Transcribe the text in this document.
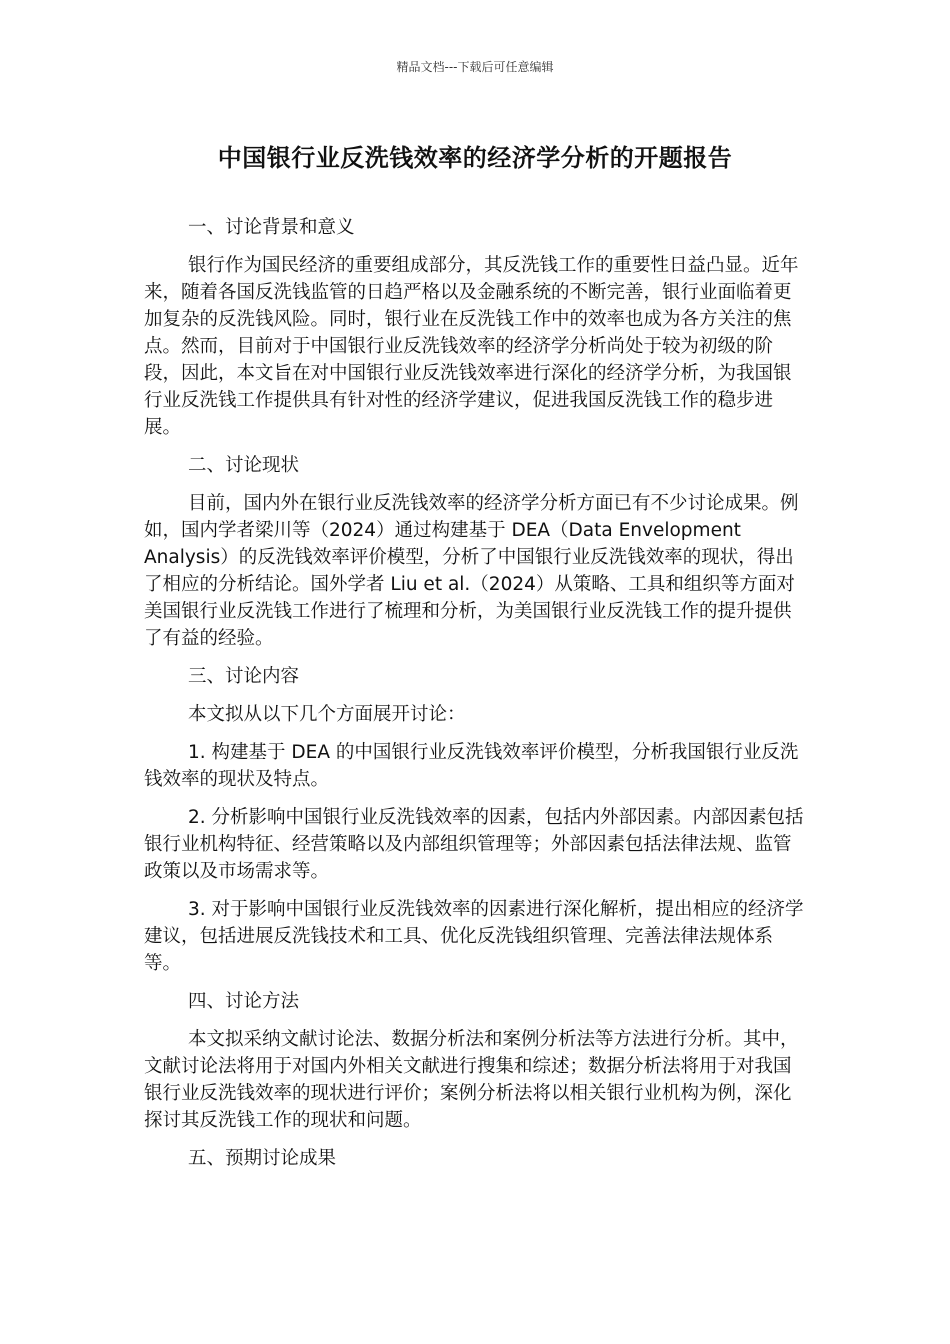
精品文档---下载后可任意编辑
中国银行业反洗钱效率的经济学分析的开题报告
一、讨论背景和意义
银行作为国民经济的重要组成部分，其反洗钱工作的重要性日益凸显。近年来，随着各国反洗钱监管的日趋严格以及金融系统的不断完善，银行业面临着更加复杂的反洗钱风险。同时，银行业在反洗钱工作中的效率也成为各方关注的焦点。然而，目前对于中国银行业反洗钱效率的经济学分析尚处于较为初级的阶段，因此，本文旨在对中国银行业反洗钱效率进行深化的经济学分析，为我国银行业反洗钱工作提供具有针对性的经济学建议，促进我国反洗钱工作的稳步进展。
二、讨论现状
目前，国内外在银行业反洗钱效率的经济学分析方面已有不少讨论成果。例如，国内学者梁川等（2024）通过构建基于 DEA（Data Envelopment Analysis）的反洗钱效率评价模型，分析了中国银行业反洗钱效率的现状，得出了相应的分析结论。国外学者 Liu et al.（2024）从策略、工具和组织等方面对美国银行业反洗钱工作进行了梳理和分析，为美国银行业反洗钱工作的提升提供了有益的经验。
三、讨论内容
本文拟从以下几个方面展开讨论：
1. 构建基于 DEA 的中国银行业反洗钱效率评价模型，分析我国银行业反洗钱效率的现状及特点。
2. 分析影响中国银行业反洗钱效率的因素，包括内外部因素。内部因素包括银行业机构特征、经营策略以及内部组织管理等；外部因素包括法律法规、监管政策以及市场需求等。
3. 对于影响中国银行业反洗钱效率的因素进行深化解析，提出相应的经济学建议，包括进展反洗钱技术和工具、优化反洗钱组织管理、完善法律法规体系等。
四、讨论方法
本文拟采纳文献讨论法、数据分析法和案例分析法等方法进行分析。其中，文献讨论法将用于对国内外相关文献进行搜集和综述；数据分析法将用于对我国银行业反洗钱效率的现状进行评价；案例分析法将以相关银行业机构为例，深化探讨其反洗钱工作的现状和问题。
五、预期讨论成果
